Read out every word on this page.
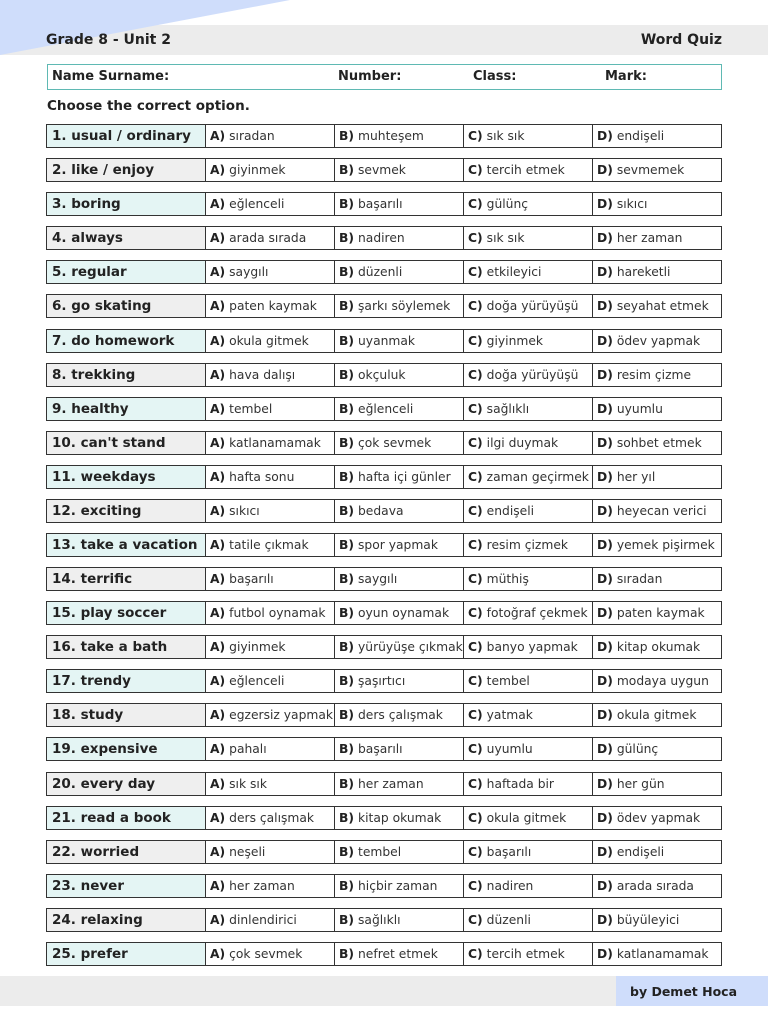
Grade 8 - Unit 2	Word Quiz
Name Surname:	Number:	Class:	Mark:
Choose the correct option.
1. usual / ordinary	A) sıradan	B) muhteşem	C) sık sık	D) endişeli
2. like / enjoy	A) giyinmek	B) sevmek	C) tercih etmek	D) sevmemek
3. boring	A) eğlenceli	B) başarılı	C) gülünç	D) sıkıcı
4. always	A) arada sırada	B) nadiren	C) sık sık	D) her zaman
5. regular	A) saygılı	B) düzenli	C) etkileyici	D) hareketli
6. go skating	A) paten kaymak B) şarkı söylemek C) doğa yürüyüşü D) seyahat etmek
7. do homework	A) okula gitmek B) uyanmak	C) giyinmek	D) ödev yapmak
8. trekking	A) hava dalışı	B) okçuluk	C) doğa yürüyüşü D) resim çizme
9. healthy	A) tembel	B) eğlenceli	C) sağlıklı	D) uyumlu
10. can't stand	A) katlanamamak B) çok sevmek	C) ilgi duymak	D) sohbet etmek
11. weekdays	A) hafta sonu	B) hafta içi günler C) zaman geçirmek D) her yıl
12. exciting	A) sıkıcı	B) bedava	C) endişeli	D) heyecan verici
13. take a vacation	A) tatile çıkmak B) spor yapmak C) resim çizmek D) yemek pişirmek
14. terrific	A) başarılı	B) saygılı	C) müthiş	D) sıradan
15. play soccer	A) futbol oynamak B) oyun oynamak C) fotoğraf çekmek D) paten kaymak
16. take a bath	A) giyinmek	B) yürüyüşe çıkmak C) banyo yapmak D) kitap okumak
17. trendy	A) eğlenceli	B) şaşırtıcı	C) tembel	D) modaya uygun
18. study	A) egzersiz yapmak B) ders çalışmak C) yatmak	D) okula gitmek
19. expensive	A) pahalı	B) başarılı	C) uyumlu	D) gülünç
20. every day	A) sık sık	B) her zaman	C) haftada bir	D) her gün
21. read a book	A) ders çalışmak B) kitap okumak C) okula gitmek D) ödev yapmak
22. worried	A) neşeli	B) tembel	C) başarılı	D) endişeli
23. never	A) her zaman	B) hiçbir zaman C) nadiren	D) arada sırada
24. relaxing	A) dinlendirici	B) sağlıklı	C) düzenli	D) büyüleyici
25. prefer	A) çok sevmek	B) nefret etmek C) tercih etmek	D) katlanamamak
by Demet Hoca
